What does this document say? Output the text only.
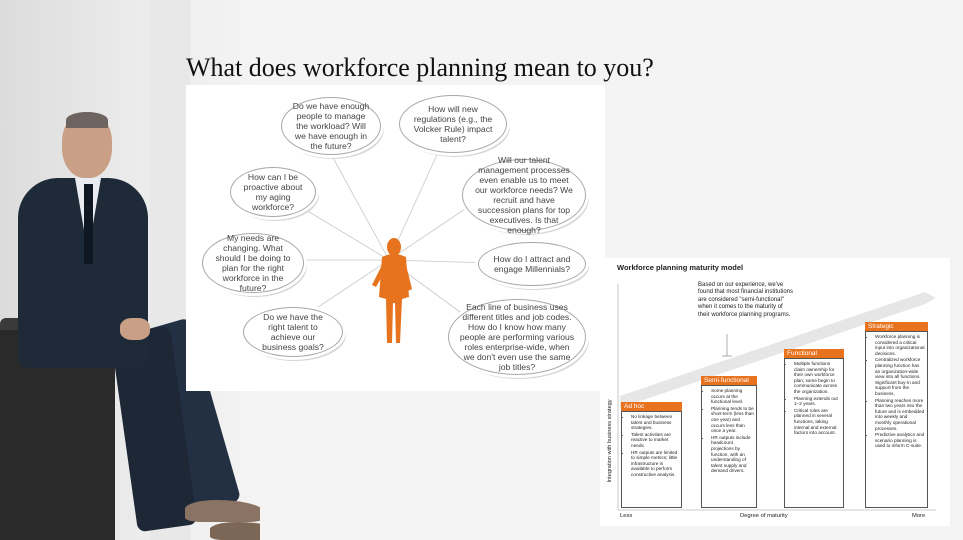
What does workforce planning mean to you?
Do we have enough people to manage the workload? Will we have enough in the future?
How will new regulations (e.g., the Volcker Rule) impact talent?
How can I be proactive about my aging workforce?
Will our talent management processes even enable us to meet our workforce needs? We recruit and have succession plans for top executives. Is that enough?
My needs are changing. What should I be doing to plan for the right workforce in the future?
How do I attract and engage Millennials?
Do we have the right talent to achieve our business goals?
Each line of business uses different titles and job codes. How do I know how many people are performing various roles enterprise-wide, when we don't even use the same job titles?
Workforce planning maturity model
Based on our experience, we've found that most financial institutions are considered "semi-functional" when it comes to the maturity of their workforce planning programs.
Ad hoc
• No linkage between talent and business strategies.
• Talent activities are reactive to market needs.
• HR outputs are limited to simple metrics; little infrastructure is available to perform constructive analysis.
Semi-functional
• Some planning occurs at the functional level.
• Planning tends to be short-term (less than one year) and occurs less than once a year.
• HR outputs include headcount projections by function, with an understanding of talent supply and demand drivers.
Functional
• Multiple functions claim ownership for their own workforce plan; some begin to communicate across the organization.
• Planning extends out 1–2 years.
• Critical roles are planned in several functions, taking internal and external factors into account.
Strategic
• Workforce planning is considered a critical input into organizational decisions.
• Centralized workforce planning function has an organization-wide view into all functions. Significant buy-in and support from the business.
• Planning reaches more than two years into the future and is embedded into weekly and monthly operational processes.
• Predictive analytics and scenario planning is used to inform C-suite.
Integration with business strategy
Less	Degree of maturity	More
